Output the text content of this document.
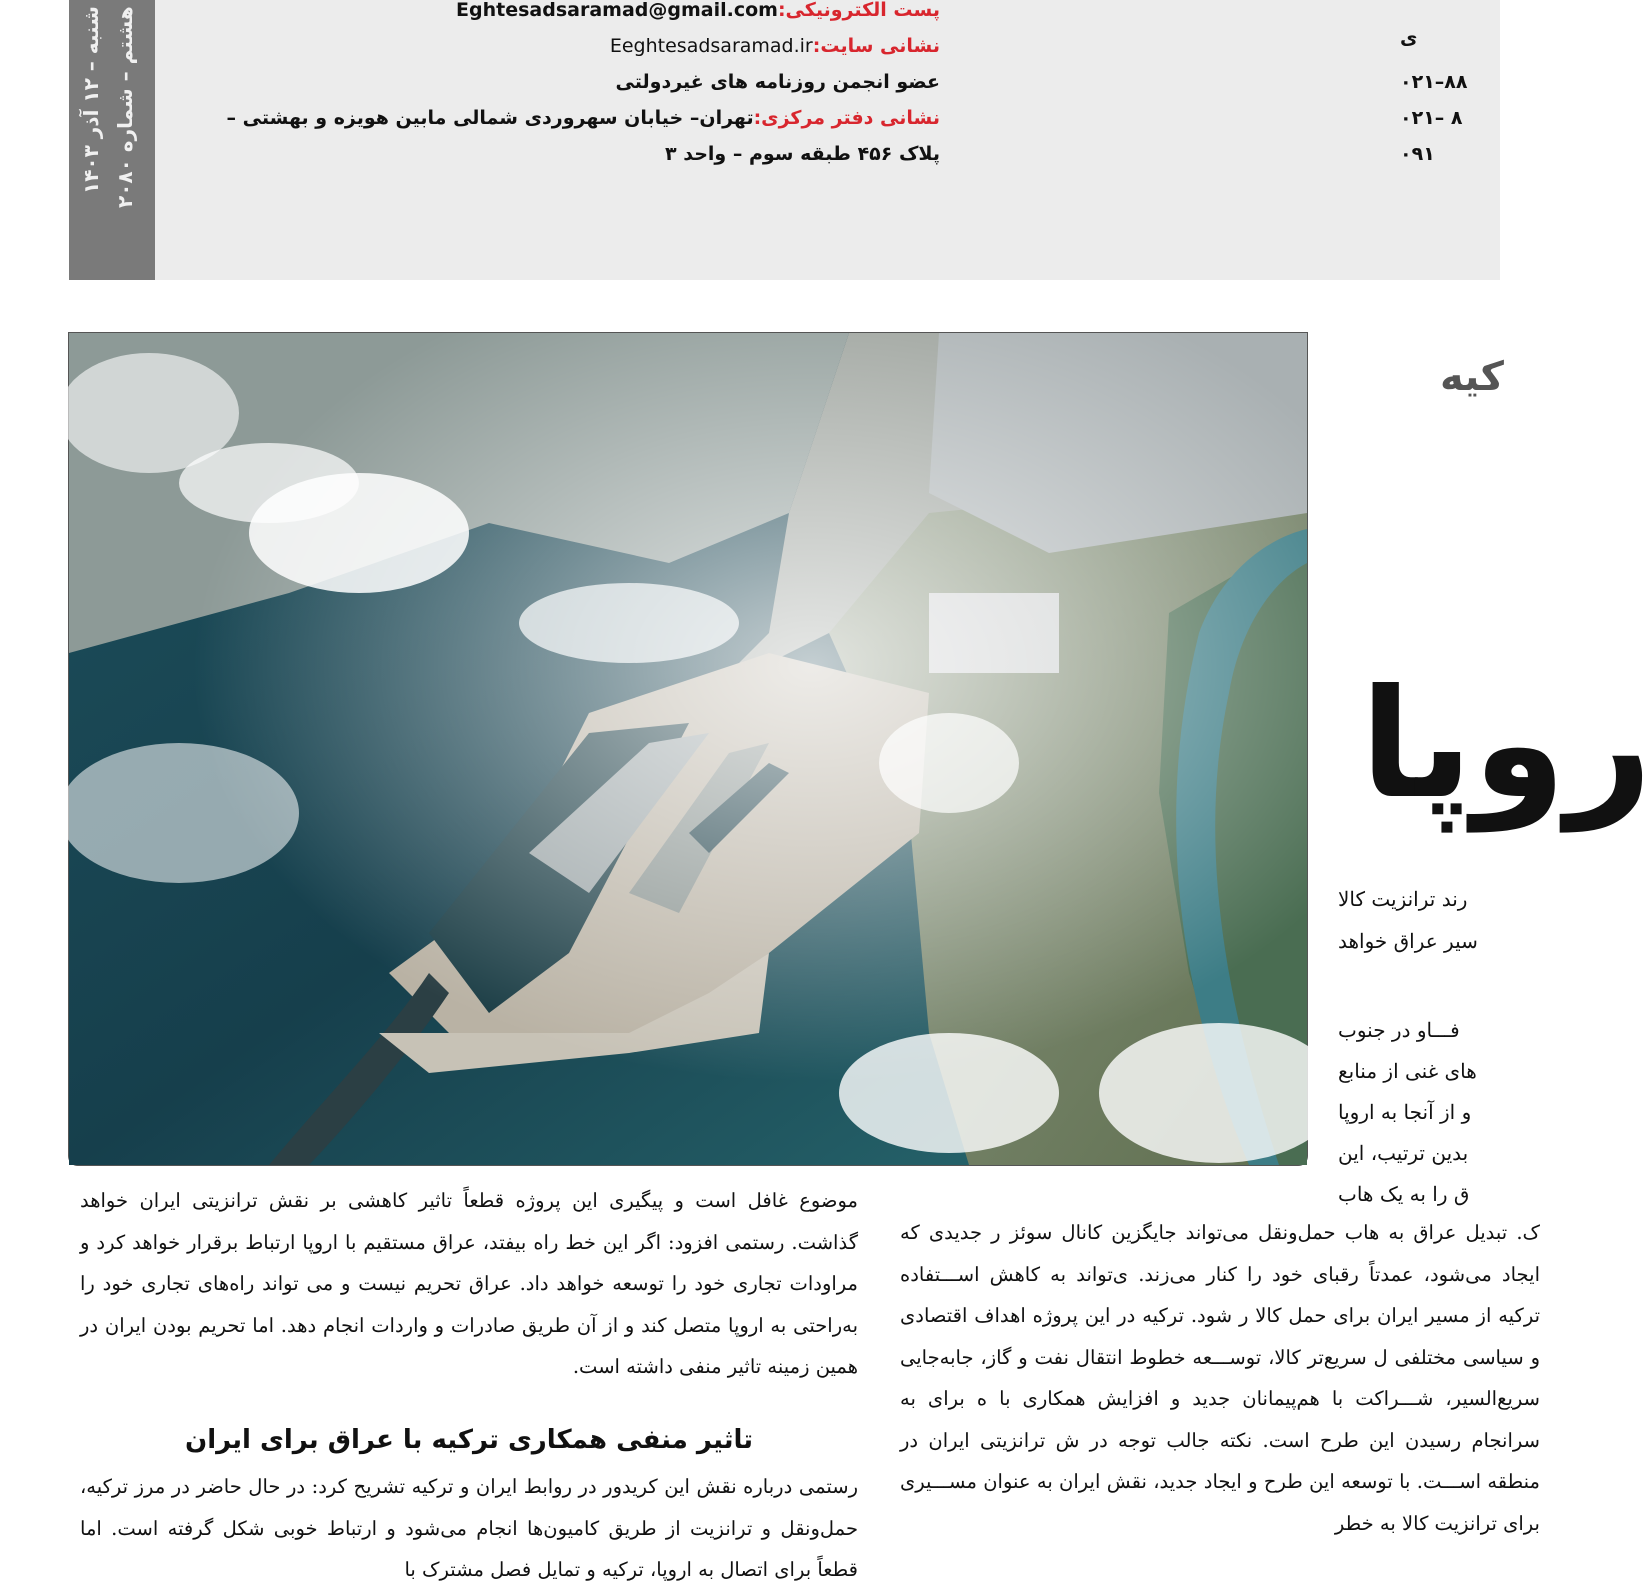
شنبه – ۱۲ آذر ۱۴۰۳
هشتم – شماره ۲۰۸۰	پست الکترونیکی:Eghtesadsaramad@gmail.com
نشانی سایت:Eeghtesadsaramad.ir
عضو انجمن روزنامه های غیردولتی
نشانی دفتر مرکزی:تهران– خیابان سهروردی شمالی مابین هویزه و بهشتی –
پلاک ۴۵۶ طبقه سوم – واحد ۳
ی
۰۲۱–۸۸
۰۲۱– ۸
۰۹۱
کیه
روپا
رند ترانزیت کالا
سیر عراق خواهد
فـــاو در جنوب
های غنی از منابع
و از آنجا به اروپا
بدین ترتیب، این
ق را به یک هاب

موضوع غافل است و پیگیری این پروژه قطعاً تاثیر کاهشی بر نقش ترانزیتی ایران خواهد گذاشت. رستمی افزود: اگر این خط راه بیفتد، عراق مستقیم با اروپا ارتباط برقرار خواهد کرد و مراودات تجاری خود را توسعه خواهد داد. عراق تحریم نیست و می تواند راه‌های تجاری خود را به‌راحتی به اروپا متصل کند و از آن طریق صادرات و واردات انجام دهد. اما تحریم بودن ایران در همین زمینه تاثیر منفی داشته است.

تاثیر منفی همکاری ترکیه با عراق برای ایران

رستمی درباره نقش این کریدور در روابط ایران و ترکیه تشریح کرد: در حال حاضر در مرز ترکیه، حمل‌ونقل و ترانزیت از طریق کامیون‌ها انجام می‌شود و ارتباط خوبی شکل گرفته است. اما قطعاً برای اتصال به اروپا، ترکیه و تمایل فصل مشترک با

ک. تبدیل عراق به هاب حمل‌ونقل می‌تواند جایگزین کانال سوئز ر جدیدی که ایجاد می‌شود، عمدتاً رقبای خود را کنار می‌زند. ی‌تواند به کاهش اســـتفاده ترکیه از مسیر ایران برای حمل کالا ر شود. ترکیه در این پروژه اهداف اقتصادی و سیاسی مختلفی ل سریع‌تر کالا، توســـعه خطوط انتقال نفت و گاز، جابه‌جایی سریع‌السیر، شـــراکت با هم‌پیمانان جدید و افزایش همکاری با ه برای به سرانجام رسیدن این طرح است. نکته جالب توجه در ش ترانزیتی ایران در منطقه اســـت. با توسعه این طرح و ایجاد جدید، نقش ایران به عنوان مســـیری برای ترانزیت کالا به خطر
